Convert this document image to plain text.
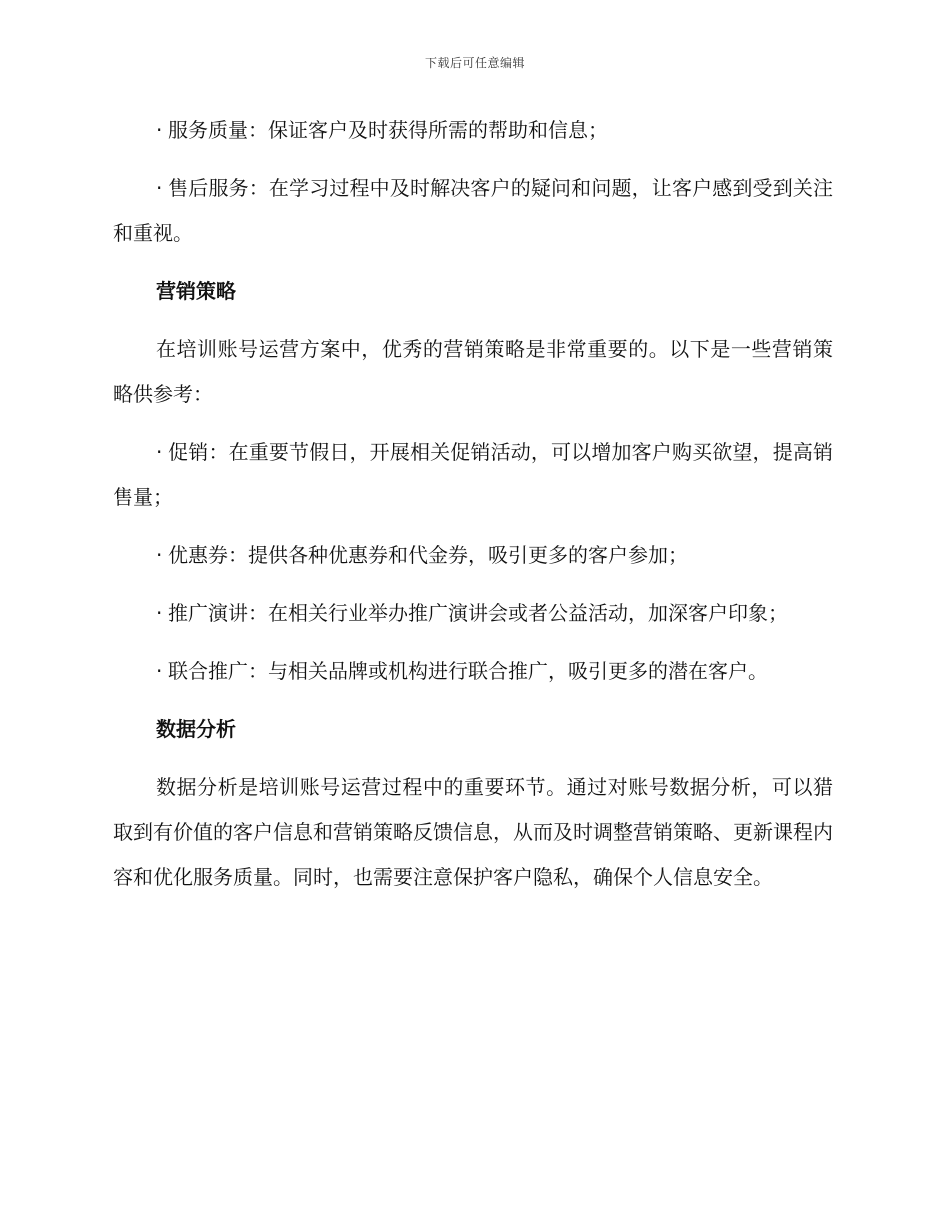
下载后可任意编辑

· 服务质量：保证客户及时获得所需的帮助和信息；

· 售后服务：在学习过程中及时解决客户的疑问和问题，让客户感到受到关注和重视。

营销策略

在培训账号运营方案中，优秀的营销策略是非常重要的。以下是一些营销策略供参考：

· 促销：在重要节假日，开展相关促销活动，可以增加客户购买欲望，提高销售量；

· 优惠券：提供各种优惠券和代金券，吸引更多的客户参加；

· 推广演讲：在相关行业举办推广演讲会或者公益活动，加深客户印象；

· 联合推广：与相关品牌或机构进行联合推广，吸引更多的潜在客户。

数据分析

数据分析是培训账号运营过程中的重要环节。通过对账号数据分析，可以猎取到有价值的客户信息和营销策略反馈信息，从而及时调整营销策略、更新课程内容和优化服务质量。同时，也需要注意保护客户隐私，确保个人信息安全。
